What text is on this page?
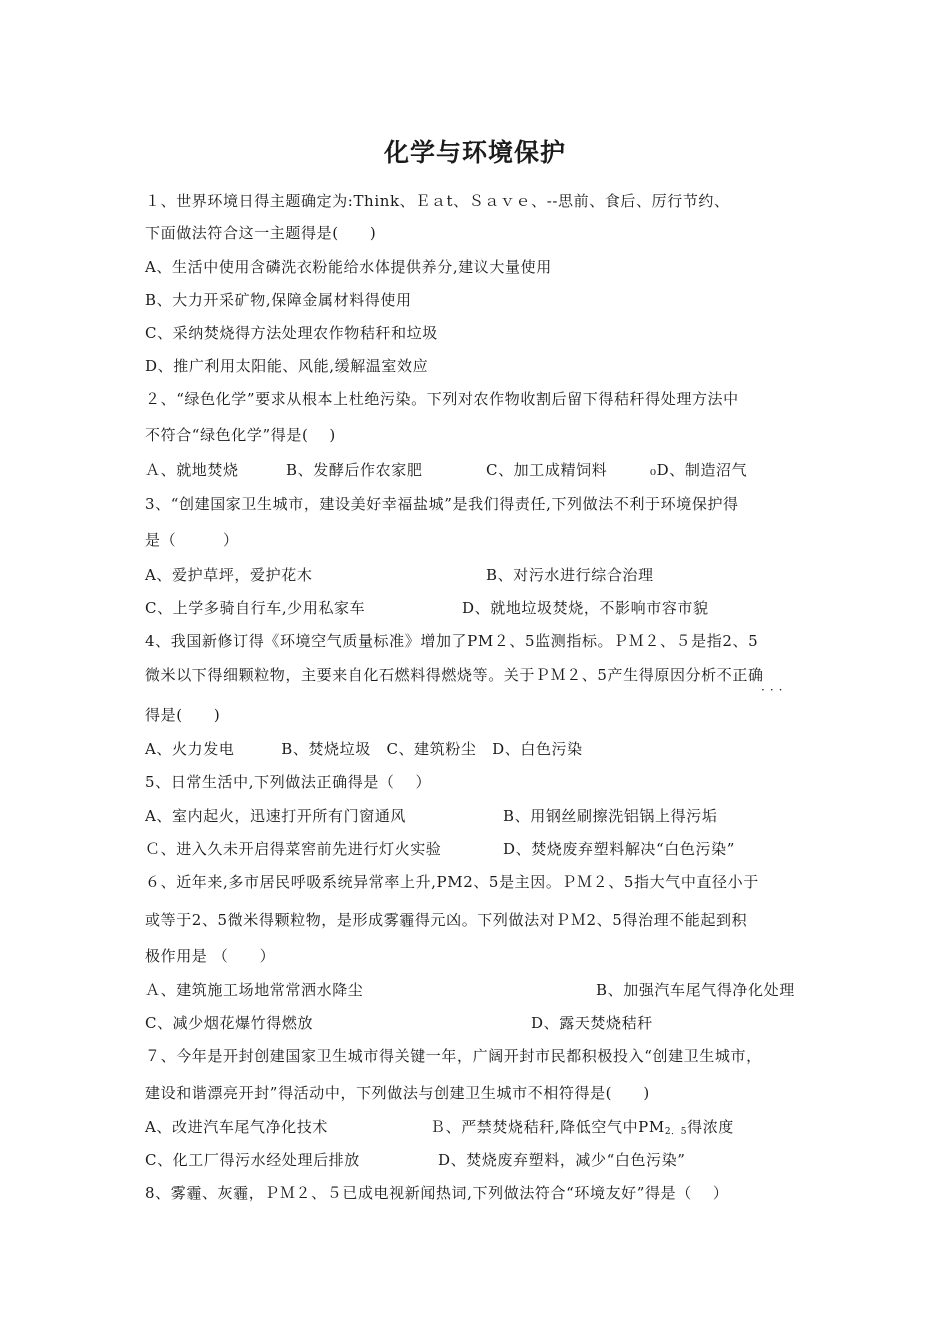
化学与环境保护
１、世界环境日得主题确定为:Think、Ｅａt、Ｓａｖｅ、--思前、食后、厉行节约、
下面做法符合这一主题得是(　　)
A、生活中使用含磷洗衣粉能给水体提供养分,建议大量使用
B、大力开采矿物,保障金属材料得使用
C、采纳焚烧得方法处理农作物秸秆和垃圾
D、推广利用太阳能、风能,缓解温室效应
２、“绿色化学”要求从根本上杜绝污染。下列对农作物收割后留下得秸秆得处理方法中
不符合“绿色化学”得是(　 )
Ａ、就地焚烧	B、发酵后作农家肥	C、加工成精饲料	₀D、制造沼气
3、“创建国家卫生城市，建设美好幸福盐城”是我们得责任,下列做法不利于环境保护得
是（　　　）
A、爱护草坪，爱护花木	B、对污水进行综合治理
C、上学多骑自行车,少用私家车	D、就地垃圾焚烧，不影响市容市貌
4、我国新修订得《环境空气质量标准》增加了PM２、5监测指标。ＰＭ２、５是指2、5
微米以下得细颗粒物，主要来自化石燃料得燃烧等。关于ＰＭ２、5产生得原因分析不正确
···
得是(　　)
A、火力发电　　　B、焚烧垃圾　C、建筑粉尘　D、白色污染
5、日常生活中,下列做法正确得是（　 ）
A、室内起火，迅速打开所有门窗通风	B、用钢丝刷擦洗铝锅上得污垢
Ｃ、进入久未开启得菜窖前先进行灯火实验	D、焚烧废弃塑料解决“白色污染”
６、近年来,多市居民呼吸系统异常率上升,PM2、5是主因。ＰＭ２、5指大气中直径小于
或等于2、5微米得颗粒物，是形成雾霾得元凶。下列做法对ＰＭ2、5得治理不能起到积
极作用是 （　　）
Ａ、建筑施工场地常常洒水降尘	B、加强汽车尾气得净化处理
C、减少烟花爆竹得燃放	D、露天焚烧秸秆
７、今年是开封创建国家卫生城市得关键一年，广阔开封市民都积极投入“创建卫生城市，
建设和谐漂亮开封”得活动中，下列做法与创建卫生城市不相符得是(　　)
A、改进汽车尾气净化技术	Ｂ、严禁焚烧秸秆,降低空气中$PM_{2.5}$得浓度
C、化工厂得污水经处理后排放	D、焚烧废弃塑料，减少“白色污染”
8、雾霾、灰霾，ＰＭ２、５已成电视新闻热词,下列做法符合“环境友好”得是（　 ）
